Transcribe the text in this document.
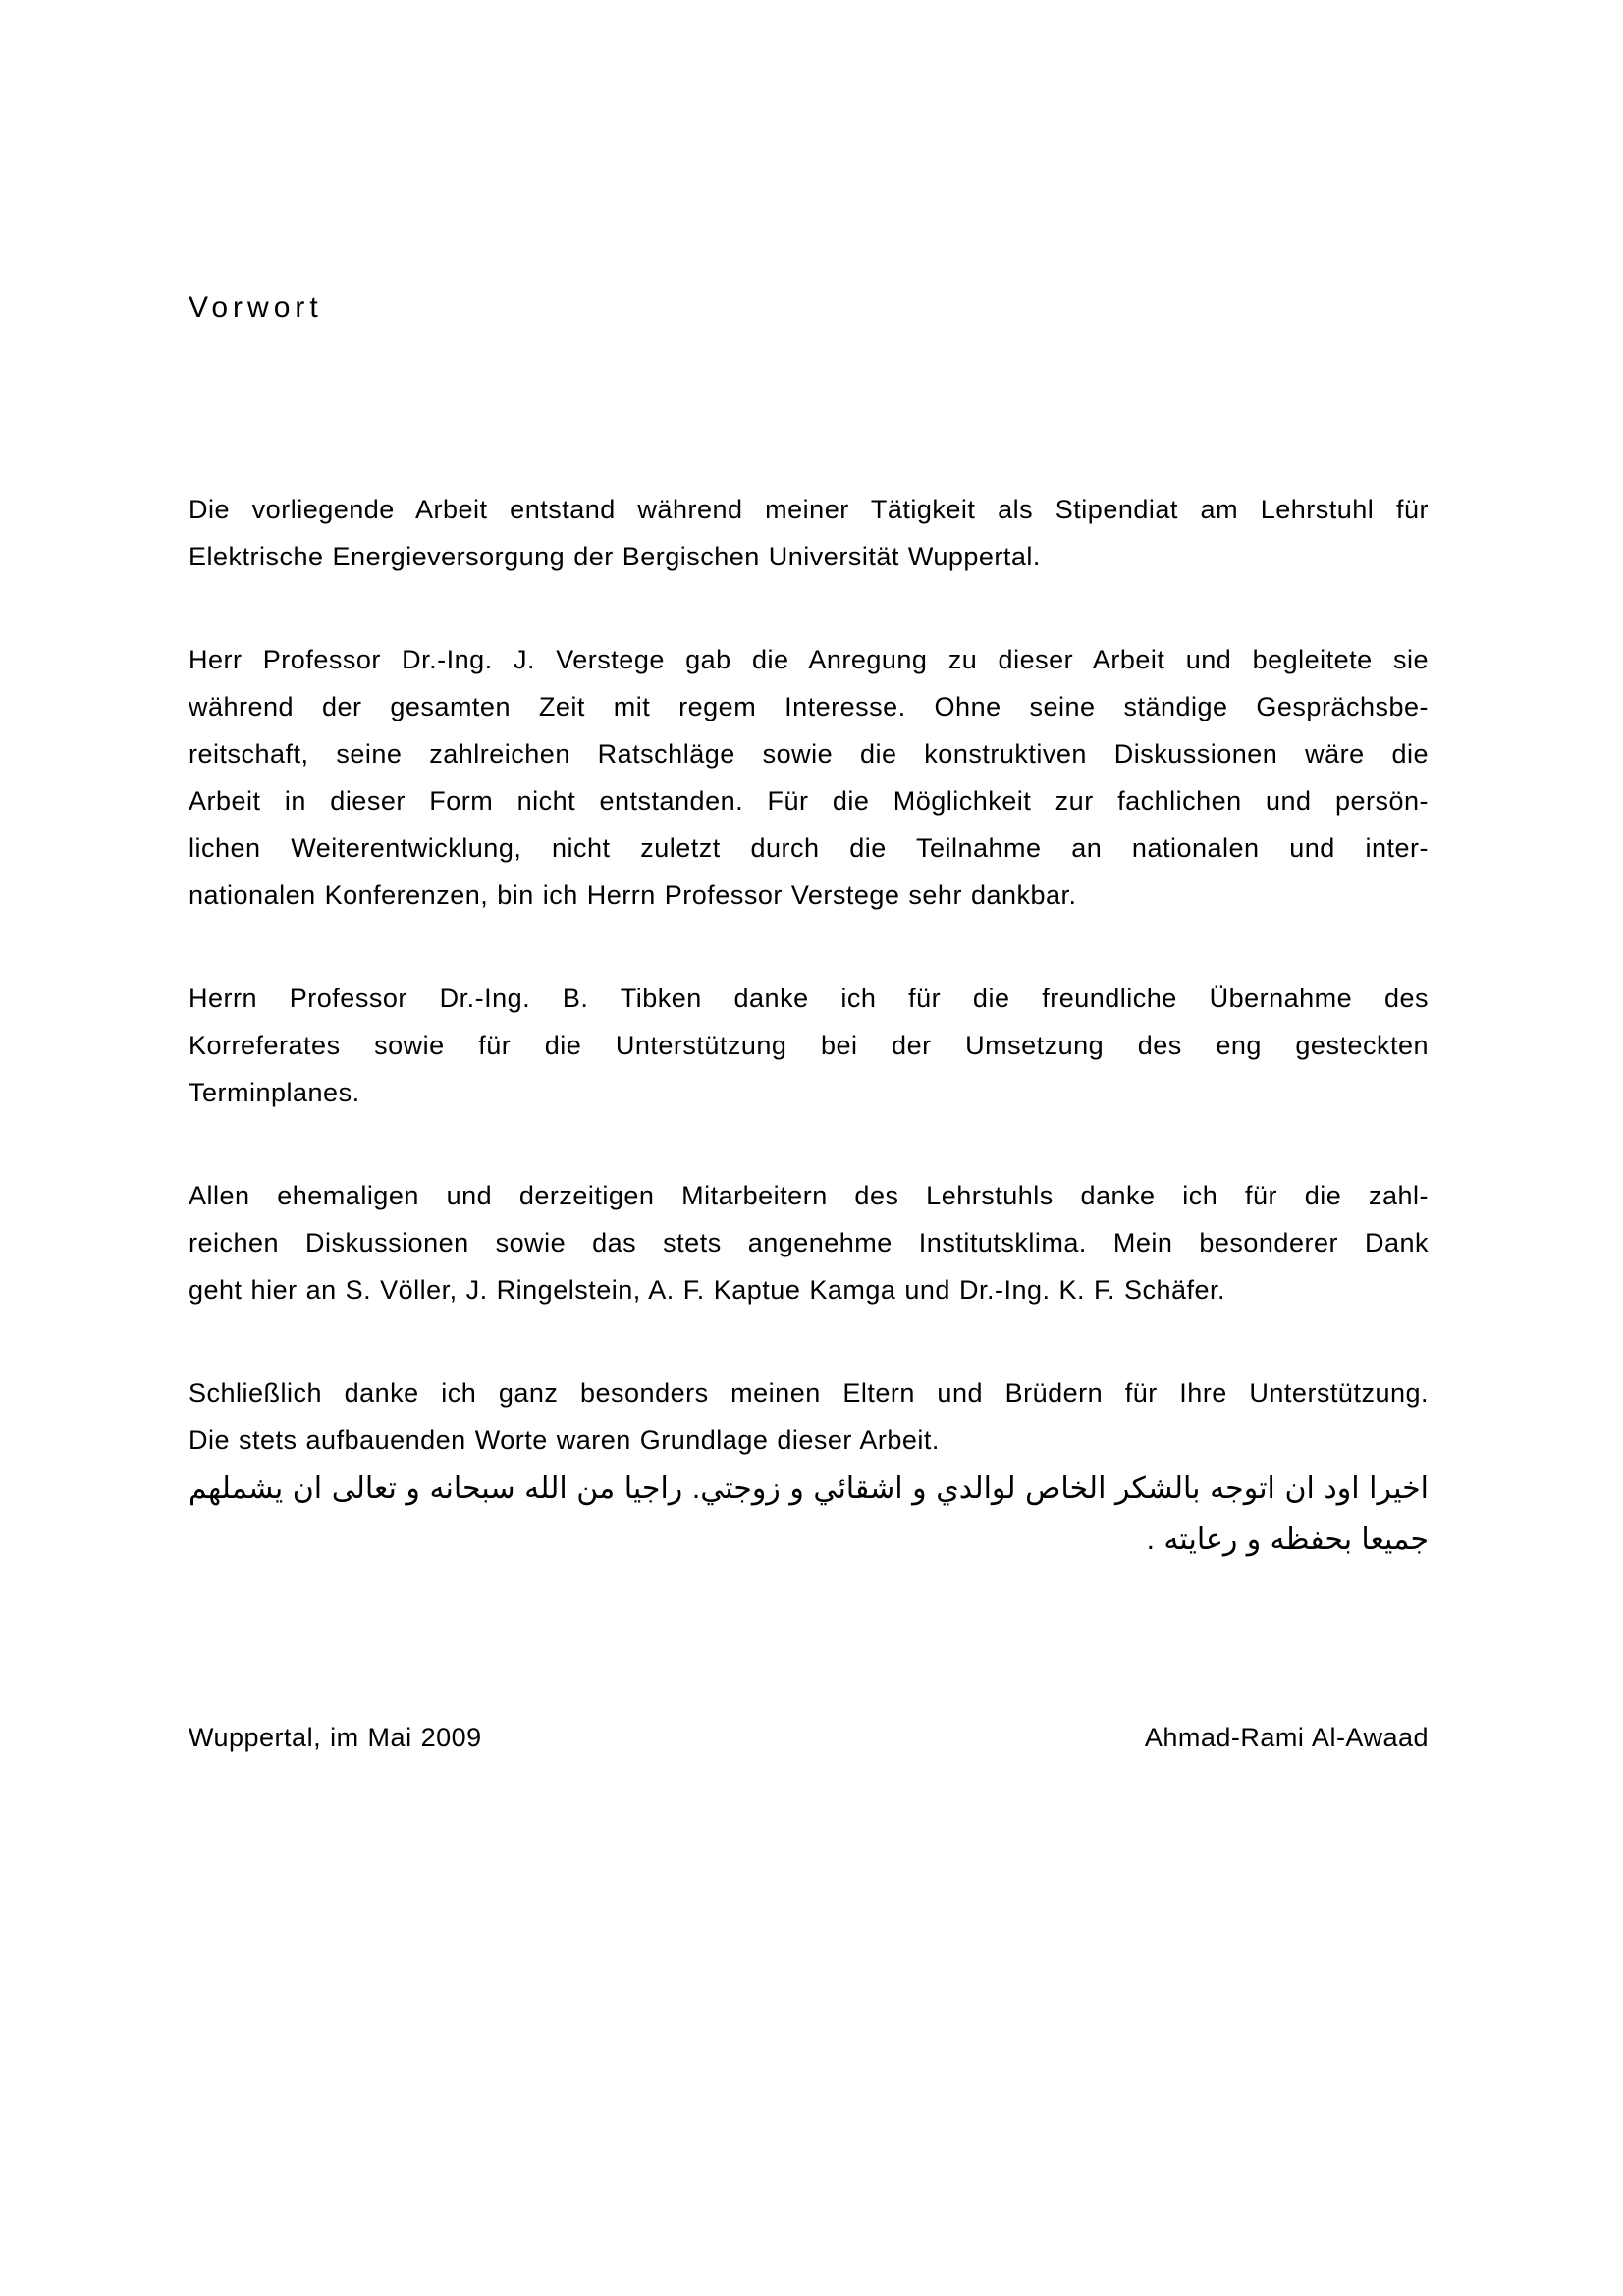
Vorwort
Die vorliegende Arbeit entstand während meiner Tätigkeit als Stipendiat am Lehrstuhl für
Elektrische Energieversorgung der Bergischen Universität Wuppertal.
Herr Professor Dr.-Ing. J. Verstege gab die Anregung zu dieser Arbeit und begleitete sie
während der gesamten Zeit mit regem Interesse. Ohne seine ständige Gesprächsbe-
reitschaft, seine zahlreichen Ratschläge sowie die konstruktiven Diskussionen wäre die
Arbeit in dieser Form nicht entstanden. Für die Möglichkeit zur fachlichen und persön-
lichen Weiterentwicklung, nicht zuletzt durch die Teilnahme an nationalen und inter-
nationalen Konferenzen, bin ich Herrn Professor Verstege sehr dankbar.
Herrn Professor Dr.-Ing. B. Tibken danke ich für die freundliche Übernahme des
Korreferates sowie für die Unterstützung bei der Umsetzung des eng gesteckten
Terminplanes.
Allen ehemaligen und derzeitigen Mitarbeitern des Lehrstuhls danke ich für die zahl-
reichen Diskussionen sowie das stets angenehme Institutsklima. Mein besonderer Dank
geht hier an S. Völler, J. Ringelstein, A. F. Kaptue Kamga und Dr.-Ing. K. F. Schäfer.
Schließlich danke ich ganz besonders meinen Eltern und Brüdern für Ihre Unterstützung.
Die stets aufbauenden Worte waren Grundlage dieser Arbeit.
اخيرا اود ان اتوجه بالشكر الخاص لوالدي و اشقائي و زوجتي. راجيا من الله سبحانه و تعالى ان يشملهم
جميعا بحفظه و رعايته .
Wuppertal, im Mai 2009	Ahmad-Rami Al-Awaad
